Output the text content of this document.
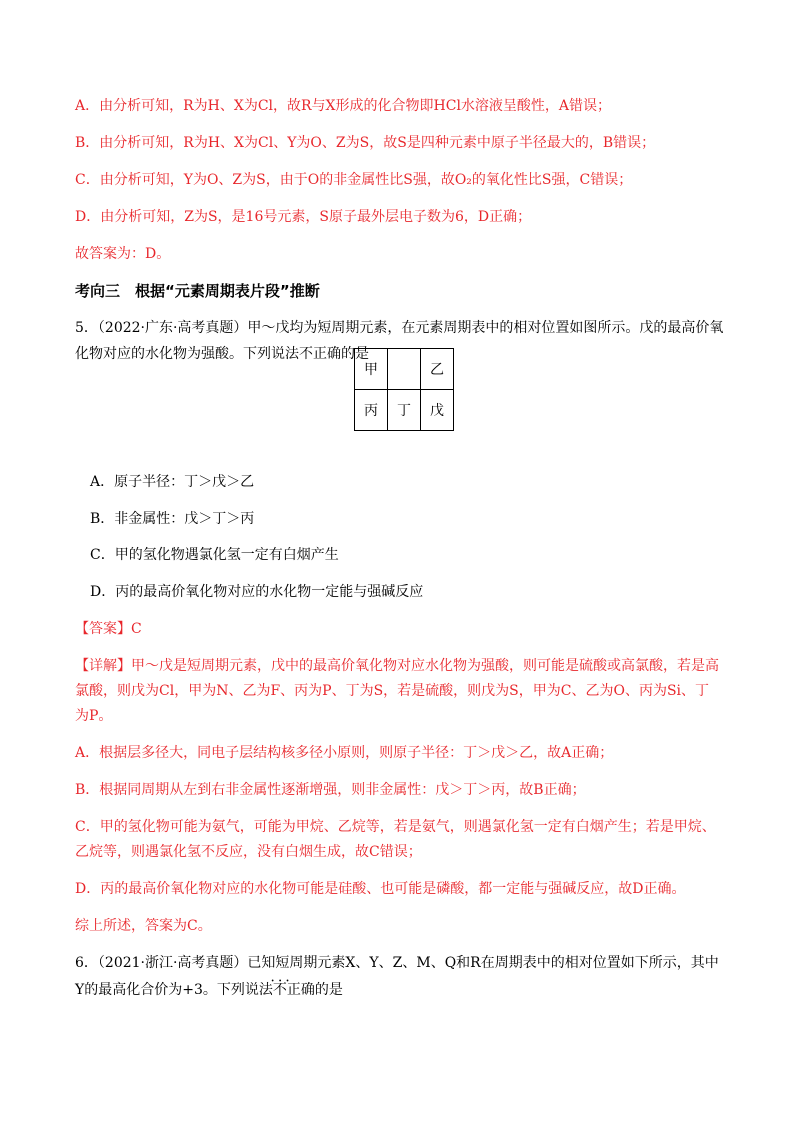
A．由分析可知，R为H、X为Cl，故R与X形成的化合物即HCl水溶液呈酸性，A错误；
B．由分析可知，R为H、X为Cl、Y为O、Z为S，故S是四种元素中原子半径最大的，B错误；
C．由分析可知，Y为O、Z为S，由于O的非金属性比S强，故O₂的氧化性比S强，C错误；
D．由分析可知，Z为S，是16号元素，S原子最外层电子数为6，D正确；
故答案为：D。
考向三　根据“元素周期表片段”推断
5．（2022·广东·高考真题）甲～戊均为短周期元素，在元素周期表中的相对位置如图所示。戊的最高价氧
化物对应的水化物为强酸。下列说法不正确的是
甲		乙
丙	丁	戊
A．原子半径：丁＞戊＞乙
B．非金属性：戊＞丁＞丙
C．甲的氢化物遇氯化氢一定有白烟产生
D．丙的最高价氧化物对应的水化物一定能与强碱反应
【答案】C
【详解】甲～戊是短周期元素，戊中的最高价氧化物对应水化物为强酸，则可能是硫酸或高氯酸，若是高
氯酸，则戊为Cl，甲为N、乙为F、丙为P、丁为S，若是硫酸，则戊为S，甲为C、乙为O、丙为Si、丁
为P。
A．根据层多径大，同电子层结构核多径小原则，则原子半径：丁＞戊＞乙，故A正确；
B．根据同周期从左到右非金属性逐渐增强，则非金属性：戊＞丁＞丙，故B正确；
C．甲的氢化物可能为氨气，可能为甲烷、乙烷等，若是氨气，则遇氯化氢一定有白烟产生；若是甲烷、
乙烷等，则遇氯化氢不反应，没有白烟生成，故C错误；
D．丙的最高价氧化物对应的水化物可能是硅酸、也可能是磷酸，都一定能与强碱反应，故D正确。
综上所述，答案为C。
6．（2021·浙江·高考真题）已知短周期元素X、Y、Z、M、Q和R在周期表中的相对位置如下所示，其中
Y的最高化合价为+3。下列说法• • • 不正确的是
